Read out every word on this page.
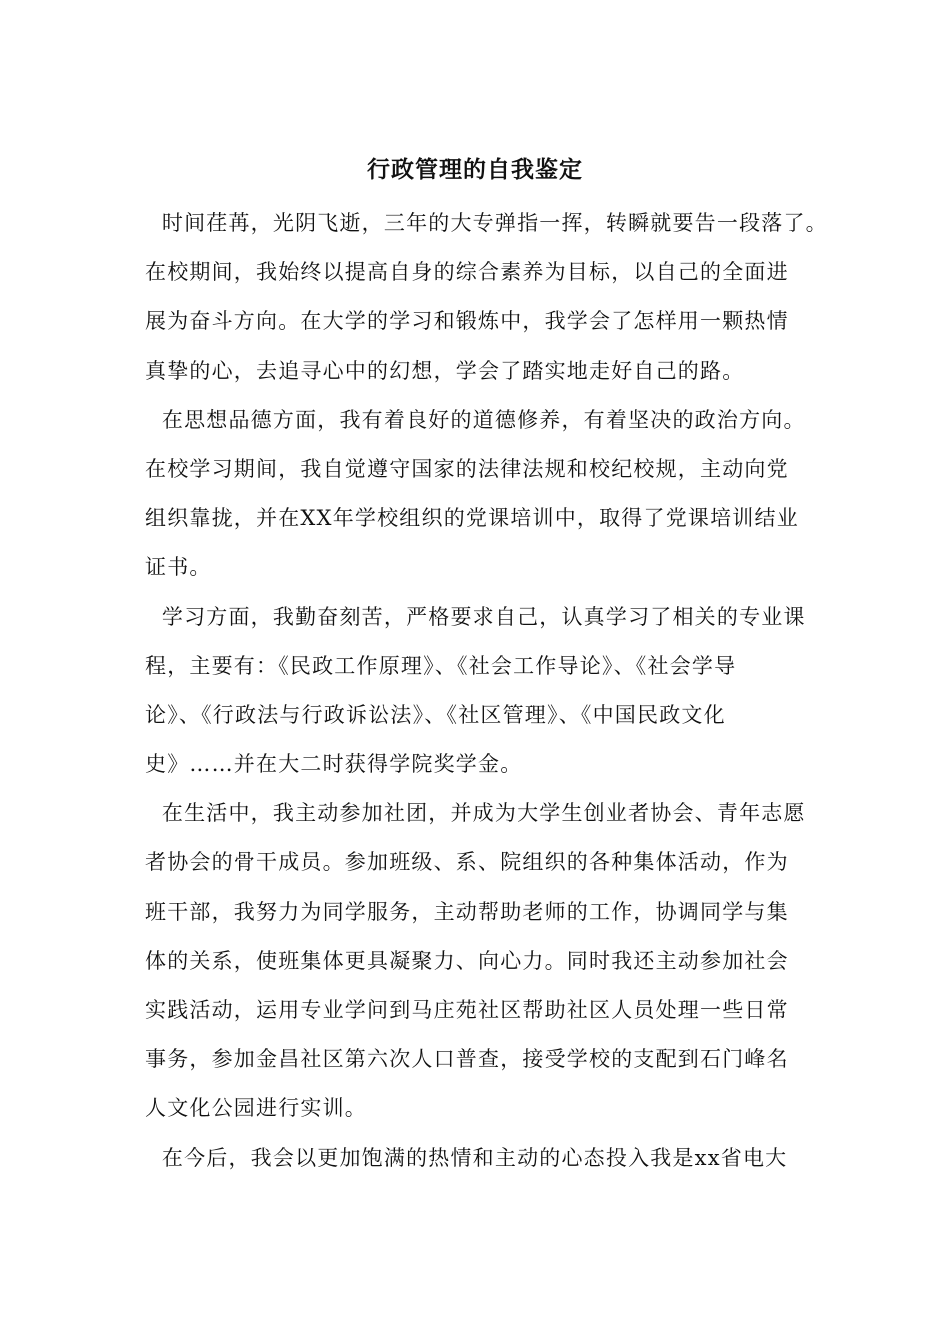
行政管理的自我鉴定
时间荏苒，光阴飞逝，三年的大专弹指一挥，转瞬就要告一段落了。
在校期间，我始终以提高自身的综合素养为目标，以自己的全面进
展为奋斗方向。在大学的学习和锻炼中，我学会了怎样用一颗热情
真挚的心，去追寻心中的幻想，学会了踏实地走好自己的路。
在思想品德方面，我有着良好的道德修养，有着坚决的政治方向。
在校学习期间，我自觉遵守国家的法律法规和校纪校规，主动向党
组织靠拢，并在XX年学校组织的党课培训中，取得了党课培训结业
证书。
学习方面，我勤奋刻苦，严格要求自己，认真学习了相关的专业课
程，主要有：《民政工作原理》、《社会工作导论》、《社会学导
论》、《行政法与行政诉讼法》、《社区管理》、《中国民政文化
史》……并在大二时获得学院奖学金。
在生活中，我主动参加社团，并成为大学生创业者协会、青年志愿
者协会的骨干成员。参加班级、系、院组织的各种集体活动，作为
班干部，我努力为同学服务，主动帮助老师的工作，协调同学与集
体的关系，使班集体更具凝聚力、向心力。同时我还主动参加社会
实践活动，运用专业学问到马庄苑社区帮助社区人员处理一些日常
事务，参加金昌社区第六次人口普查，接受学校的支配到石门峰名
人文化公园进行实训。
在今后，我会以更加饱满的热情和主动的心态投入我是xx省电大
